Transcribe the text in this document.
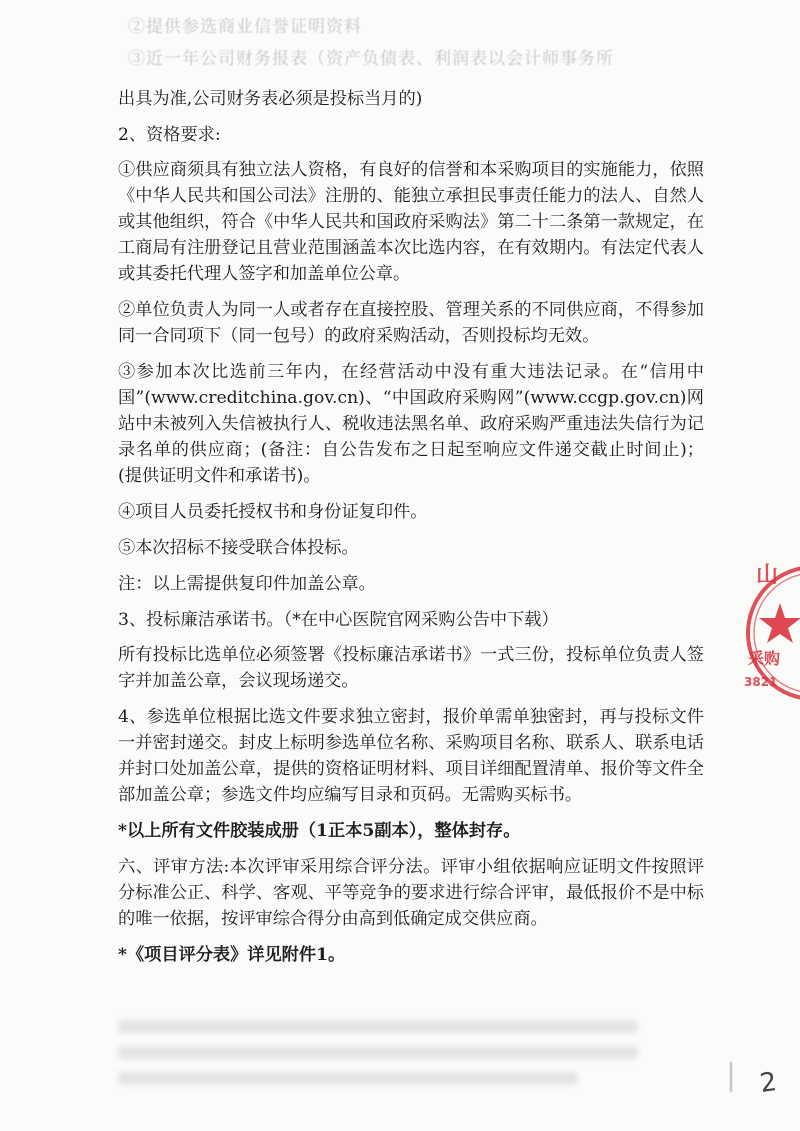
②提供参选商业信誉证明资料
③近一年公司财务报表（资产负债表、利润表以会计师事务所

出具为准,公司财务表必须是投标当月的)

2、资格要求:

①供应商须具有独立法人资格，有良好的信誉和本采购项目的实施能力，依照《中华人民共和国公司法》注册的、能独立承担民事责任能力的法人、自然人或其他组织，符合《中华人民共和国政府采购法》第二十二条第一款规定，在工商局有注册登记且营业范围涵盖本次比选内容，在有效期内。有法定代表人或其委托代理人签字和加盖单位公章。

②单位负责人为同一人或者存在直接控股、管理关系的不同供应商，不得参加同一合同项下（同一包号）的政府采购活动，否则投标均无效。

③参加本次比选前三年内，在经营活动中没有重大违法记录。在“信用中国”(www.creditchina.gov.cn)、“中国政府采购网”(www.ccgp.gov.cn)网站中未被列入失信被执行人、税收违法黑名单、政府采购严重违法失信行为记录名单的供应商；(备注：自公告发布之日起至响应文件递交截止时间止)；(提供证明文件和承诺书)。

④项目人员委托授权书和身份证复印件。

⑤本次招标不接受联合体投标。

注：以上需提供复印件加盖公章。

3、投标廉洁承诺书。（*在中心医院官网采购公告中下载）

所有投标比选单位必须签署《投标廉洁承诺书》一式三份，投标单位负责人签字并加盖公章，会议现场递交。

4、参选单位根据比选文件要求独立密封，报价单需单独密封，再与投标文件一并密封递交。封皮上标明参选单位名称、采购项目名称、联系人、联系电话并封口处加盖公章，提供的资格证明材料、项目详细配置清单、报价等文件全部加盖公章；参选文件均应编写目录和页码。无需购买标书。

*以上所有文件胶装成册（1正本5副本），整体封存。

六、评审方法:本次评审采用综合评分法。评审小组依据响应证明文件按照评分标准公正、科学、客观、平等竞争的要求进行综合评审，最低报价不是中标的唯一依据，按评审综合得分由高到低确定成交供应商。

*《项目评分表》详见附件1。

山
采购
3821
2
